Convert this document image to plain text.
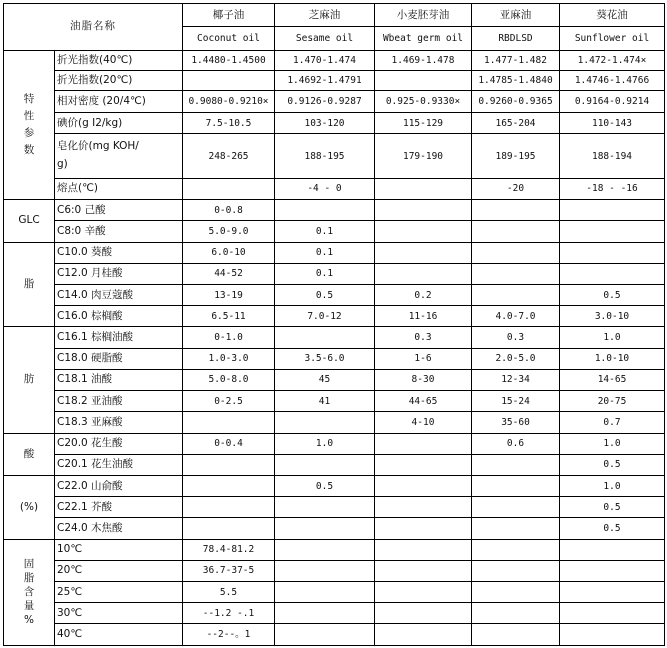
油脂名称		椰子油	芝麻油	小麦胚芽油	亚麻油	葵花油
		Coconut oil	Sesame oil	Wbeat germ oil	RBDLSD	Sunflower oil

特
性
参
数	折光指数(40℃)	1.4480-1.4500	1.470-1.474	1.469-1.478	1.477-1.482	1.472-1.474×
	折光指数(20℃)		1.4692-1.4791		1.4785-1.4840	1.4746-1.4766
	相对密度 (20/4℃)	0.9080-0.9210×	0.9126-0.9287	0.925-0.9330×	0.9260-0.9365	0.9164-0.9214
	碘价(g I2/kg)	7.5-10.5	103-120	115-129	165-204	110-143
	皂化价(mg KOH/
g)	248-265	188-195	179-190	189-195	188-194
	熔点(℃)		-4 - 0		-20	-18 - -16
GLC	C6:0 己酸	0-0.8				
	C8:0 辛酸	5.0-9.0	0.1			
脂	C10.0 葵酸	6.0-10	0.1			
	C12.0 月桂酸	44-52	0.1			
	C14.0 肉豆蔻酸	13-19	0.5	0.2		0.5
	C16.0 棕榈酸	6.5-11	7.0-12	11-16	4.0-7.0	3.0-10
肪	C16.1 棕榈油酸	0-1.0		0.3	0.3	1.0
	C18.0 硬脂酸	1.0-3.0	3.5-6.0	1-6	2.0-5.0	1.0-10
	C18.1 油酸	5.0-8.0	45	8-30	12-34	14-65
	C18.2 亚油酸	0-2.5	41	44-65	15-24	20-75
	C18.3 亚麻酸			4-10	35-60	0.7
酸	C20.0 花生酸	0-0.4	1.0		0.6	1.0
	C20.1 花生油酸					0.5
(%)	C22.0 山俞酸		0.5			1.0
	C22.1 芥酸					0.5
	C24.0 木焦酸					0.5

固
脂
含
量
%	10℃	78.4-81.2				
	20℃	36.7-37-5				
	25℃	5.5				
	30℃	--1.2 -.1				
	40℃	--2--。1				
